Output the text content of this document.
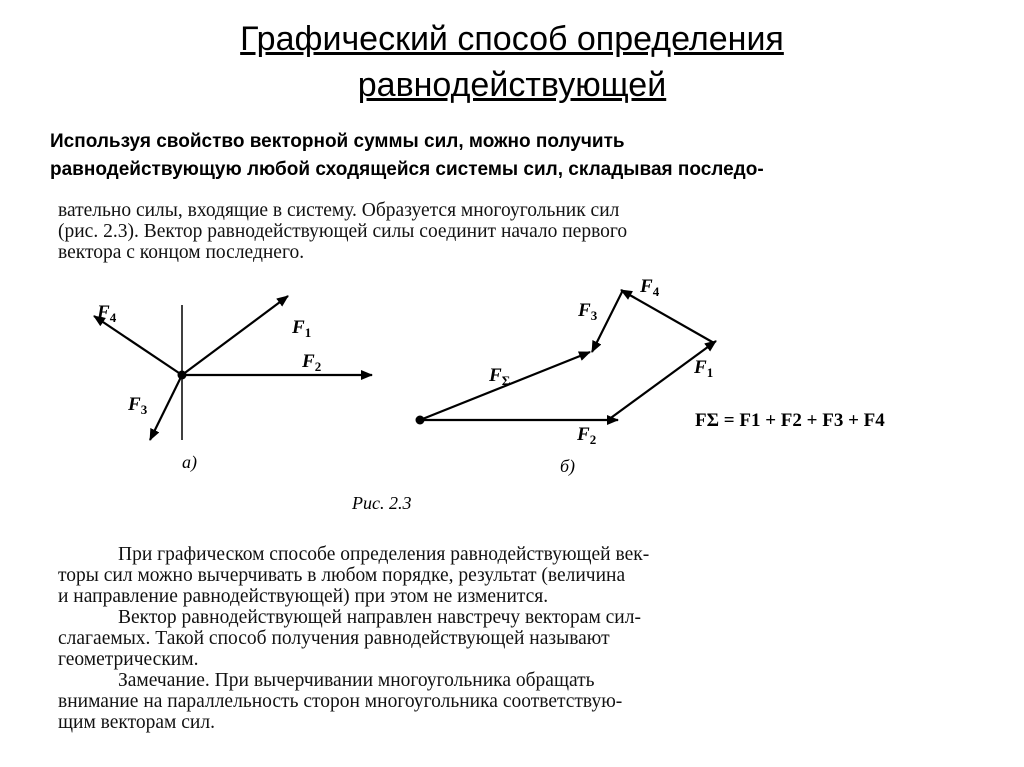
Графический способ определения
равнодействующей
Используя свойство векторной суммы сил, можно получить
равнодействующую любой сходящейся системы сил, складывая последо-
вательно силы, входящие в систему. Образуется многоугольник сил
(рис. 2.3). Вектор равнодействующей силы соединит начало первого
вектора с концом последнего.
$F_4$	$F_1$
$F_2$
$F_3$
а)
$F_4$
$F_3$
$F_1$
$F_\Sigma$
$F_2$
б)
FΣ = F1 + F2 + F3 + F4
Рис. 2.3
При графическом способе определения равнодействующей век-
торы сил можно вычерчивать в любом порядке, результат (величина
и направление равнодействующей) при этом не изменится.
Вектор равнодействующей направлен навстречу векторам сил-
слагаемых. Такой способ получения равнодействующей называют
геометрическим.
Замечание. При вычерчивании многоугольника обращать
внимание на параллельность сторон многоугольника соответствую-
щим векторам сил.
